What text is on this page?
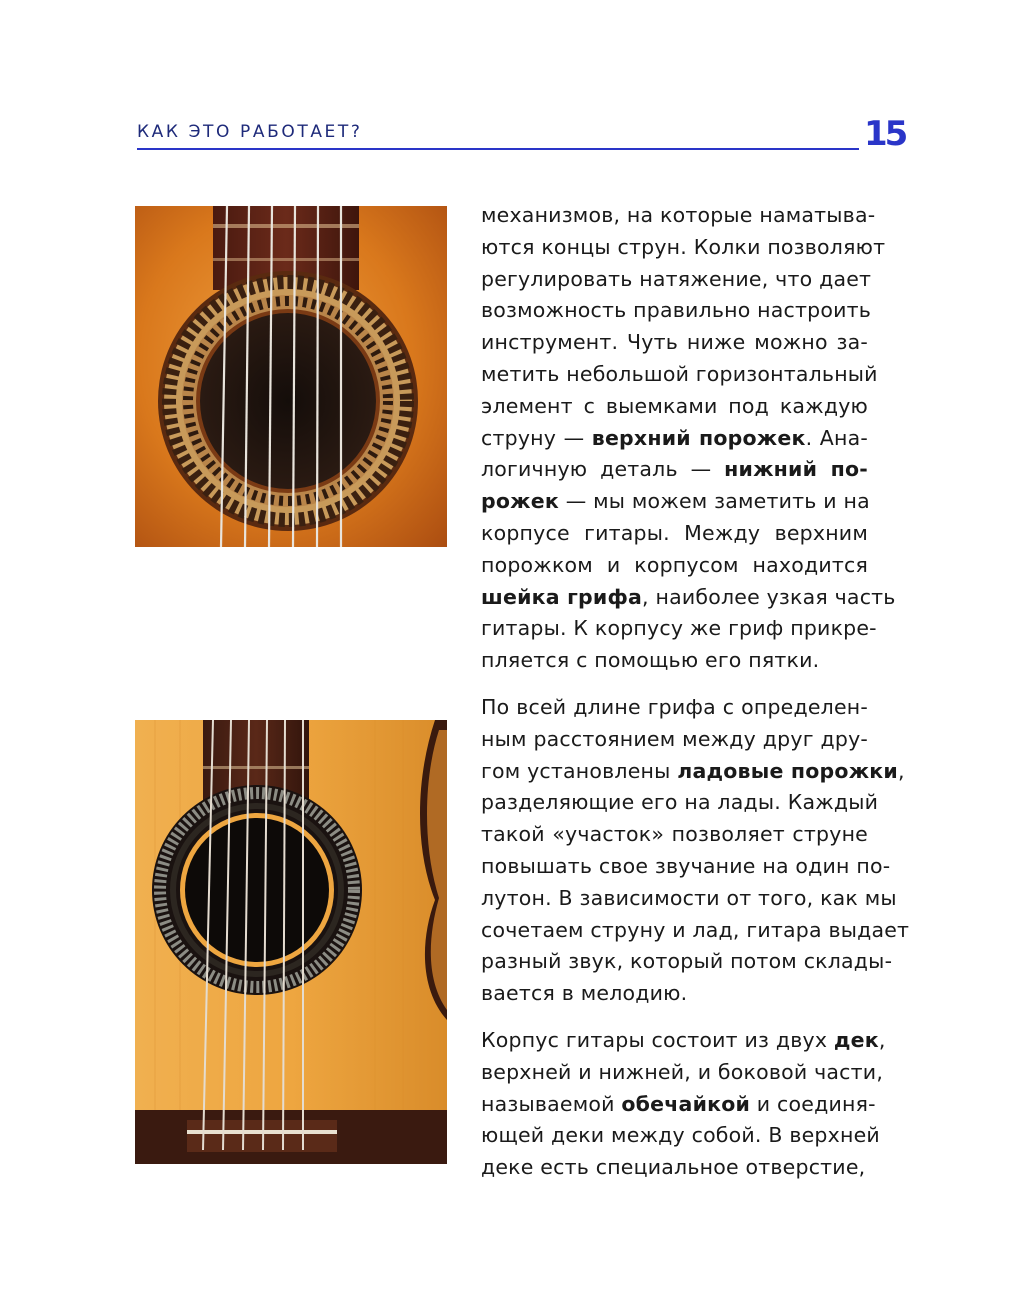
КАК ЭТО РАБОТАЕТ?	15

механизмов, на которые наматыва-
ются концы струн. Колки позволяют
регулировать натяжение, что дает
возможность правильно настроить
инструмент. Чуть ниже можно за-
метить небольшой горизонтальный
элемент с выемками под каждую
струну — верхний порожек. Ана-
логичную деталь — нижний по-
рожек — мы можем заметить и на
корпусе гитары. Между верхним
порожком и корпусом находится
шейка грифа, наиболее узкая часть
гитары. К корпусу же гриф прикре-
пляется с помощью его пятки.

По всей длине грифа с определен-
ным расстоянием между друг дру-
гом установлены ладовые порожки,
разделяющие его на лады. Каждый
такой «участок» позволяет струне
повышать свое звучание на один по-
лутон. В зависимости от того, как мы
сочетаем струну и лад, гитара выдает
разный звук, который потом склады-
вается в мелодию.

Корпус гитары состоит из двух дек,
верхней и нижней, и боковой части,
называемой обечайкой и соединя-
ющей деки между собой. В верхней
деке есть специальное отверстие,
